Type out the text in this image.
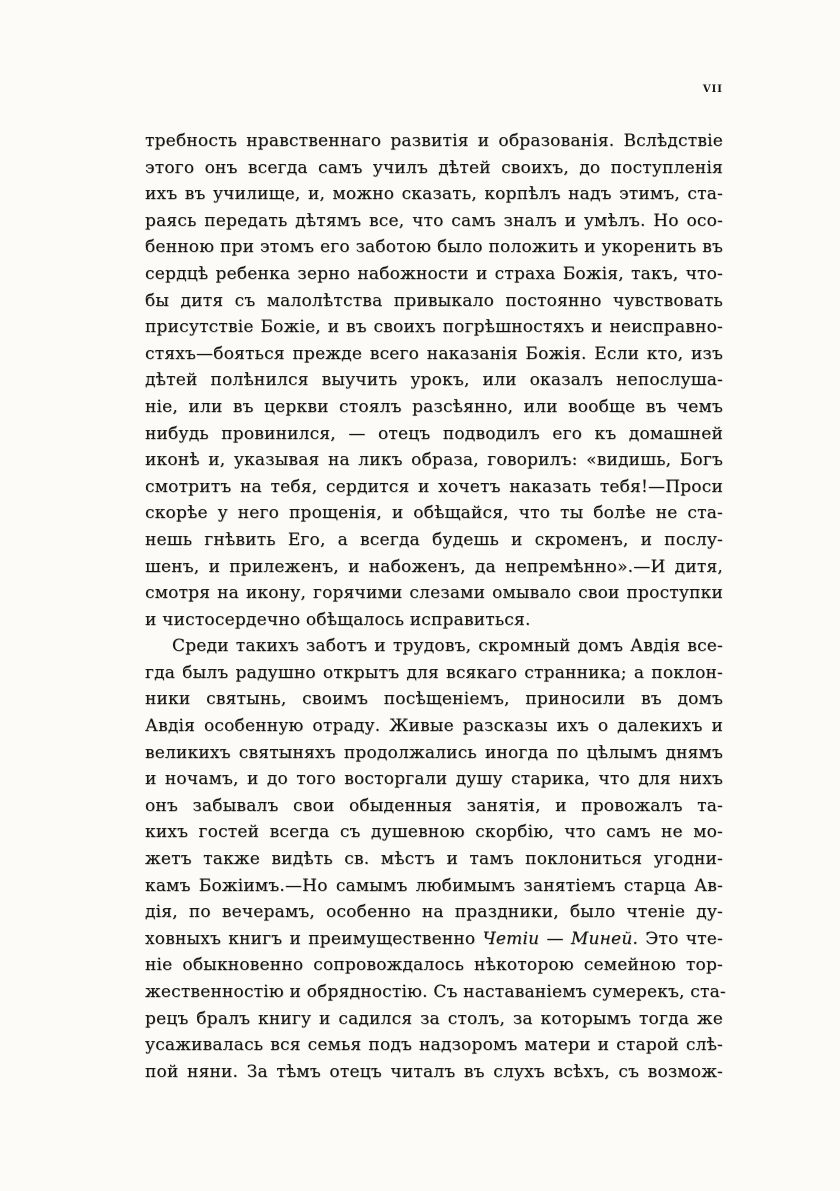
vii
требность нравственнаго развитія и образованія. Вслѣдствіе
этого онъ всегда самъ училъ дѣтей своихъ, до поступленія
ихъ въ училище, и, можно сказать, корпѣлъ надъ этимъ, ста-
раясь передать дѣтямъ все, что самъ зналъ и умѣлъ. Но осо-
бенною при этомъ его заботою было положить и укоренить въ
сердцѣ ребенка зерно набожности и страха Божія, такъ, что-
бы дитя съ малолѣтства привыкало постоянно чувствовать
присутствіе Божіе, и въ своихъ погрѣшностяхъ и неисправно-
стяхъ—бояться прежде всего наказанія Божія. Если кто, изъ
дѣтей полѣнился выучить урокъ, или оказалъ непослуша-
ніе, или въ церкви стоялъ разсѣянно, или вообще въ чемъ
нибудь провинился, — отецъ подводилъ его къ домашней
иконѣ и, указывая на ликъ образа, говорилъ: «видишь, Богъ
смотритъ на тебя, сердится и хочетъ наказать тебя!—Проси
скорѣе у него прощенія, и обѣщайся, что ты болѣе не ста-
нешь гнѣвить Его, а всегда будешь и скроменъ, и послу-
шенъ, и прилеженъ, и набоженъ, да непремѣнно».—И дитя,
смотря на икону, горячими слезами омывало свои проступки
и чистосердечно обѣщалось исправиться.
Среди такихъ заботъ и трудовъ, скромный домъ Авдія все-
гда былъ радушно открытъ для всякаго странника; а поклон-
ники святынь, своимъ посѣщеніемъ, приносили въ домъ
Авдія особенную отраду. Живые разсказы ихъ о далекихъ и
великихъ святыняхъ продолжались иногда по цѣлымъ днямъ
и ночамъ, и до того восторгали душу старика, что для нихъ
онъ забывалъ свои обыденныя занятія, и провожалъ та-
кихъ гостей всегда съ душевною скорбію, что самъ не мо-
жетъ также видѣть св. мѣстъ и тамъ поклониться угодни-
камъ Божіимъ.—Но самымъ любимымъ занятіемъ старца Ав-
дія, по вечерамъ, особенно на праздники, было чтеніе ду-
ховныхъ книгъ и преимущественно Четіи — Миней. Это чте-
ніе обыкновенно сопровождалось нѣкоторою семейною тор-
жественностію и обрядностію. Съ наставаніемъ сумерекъ, ста-
рецъ бралъ книгу и садился за столъ, за которымъ тогда же
усаживалась вся семья подъ надзоромъ матери и старой слѣ-
пой няни. За тѣмъ отецъ читалъ въ слухъ всѣхъ, съ возмож-
